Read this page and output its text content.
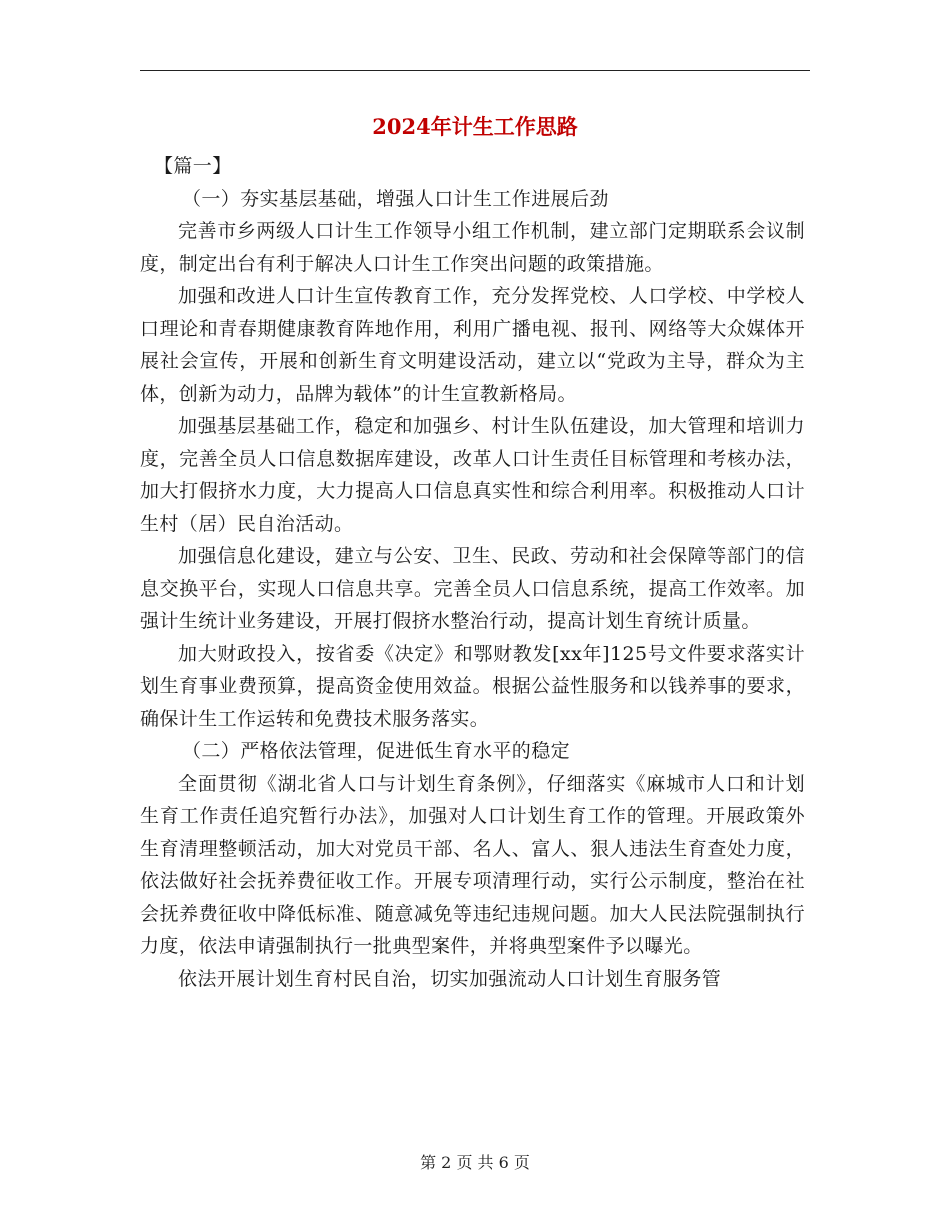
2024年计生工作思路

【篇一】

（一）夯实基层基础，增强人口计生工作进展后劲

完善市乡两级人口计生工作领导小组工作机制，建立部门定期联系会议制度，制定出台有利于解决人口计生工作突出问题的政策措施。

加强和改进人口计生宣传教育工作，充分发挥党校、人口学校、中学校人口理论和青春期健康教育阵地作用，利用广播电视、报刊、网络等大众媒体开展社会宣传，开展和创新生育文明建设活动，建立以“党政为主导，群众为主体，创新为动力，品牌为载体”的计生宣教新格局。

加强基层基础工作，稳定和加强乡、村计生队伍建设，加大管理和培训力度，完善全员人口信息数据库建设，改革人口计生责任目标管理和考核办法，加大打假挤水力度，大力提高人口信息真实性和综合利用率。积极推动人口计生村（居）民自治活动。

加强信息化建设，建立与公安、卫生、民政、劳动和社会保障等部门的信息交换平台，实现人口信息共享。完善全员人口信息系统，提高工作效率。加强计生统计业务建设，开展打假挤水整治行动，提高计划生育统计质量。

加大财政投入，按省委《决定》和鄂财教发[xx年]125号文件要求落实计划生育事业费预算，提高资金使用效益。根据公益性服务和以钱养事的要求，确保计生工作运转和免费技术服务落实。

（二）严格依法管理，促进低生育水平的稳定

全面贯彻《湖北省人口与计划生育条例》，仔细落实《麻城市人口和计划生育工作责任追究暂行办法》，加强对人口计划生育工作的管理。开展政策外生育清理整顿活动，加大对党员干部、名人、富人、狠人违法生育查处力度，依法做好社会抚养费征收工作。开展专项清理行动，实行公示制度，整治在社会抚养费征收中降低标准、随意减免等违纪违规问题。加大人民法院强制执行力度，依法申请强制执行一批典型案件，并将典型案件予以曝光。

依法开展计划生育村民自治，切实加强流动人口计划生育服务管

第 2 页 共 6 页
